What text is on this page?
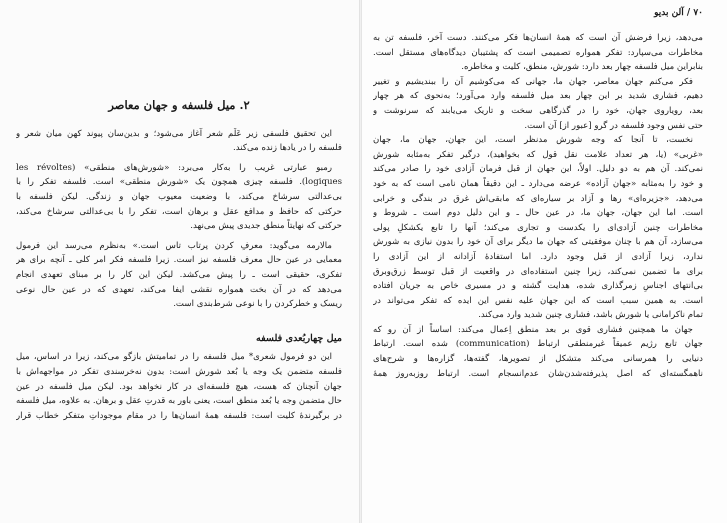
۲. میل فلسفه و جهان معاصر
این تحقیق فلسفی زیر عَلَم شعر آغاز می‌شود؛ و بدین‌سان پیوند کهن میان شعر و
فلسفه را در یادها زنده می‌کند.
رمبو عبارتی غریب را به‌کار می‌برد: «شورش‌های منطقی» (les révoltes
logiques). فلسفه چیزی همچون یک «شورش منطقی» است. فلسفه تفکر را با
بی‌عدالتی سرشاخ می‌کند، با وضعیت معیوب جهان و زندگی. لیکن فلسفه با
حرکتی که حافظ و مدافع عقل و برهان است، تفکر را با بی‌عدالتی سرشاخ می‌کند،
حرکتی که نهایتاً منطق جدیدی پیش می‌نهد.
مالارمه می‌گوید: معرفِ کردن پرتاب تاس است.» به‌نظرم می‌رسد این فرمول
معمایی در عین حال معرف فلسفه نیز است. زیرا فلسفه فکر امر کلی ـ آنچه برای هر
تفکری، حقیقی است ـ را پیش می‌کشد. لیکن این کار را بر مبنای تعهدی انجام
می‌دهد که در آن بخت همواره نقشی ایفا می‌کند، تعهدی که در عین حال نوعی
ریسک و خطرکردن را با نوعی شرط‌بندی است.
میل چهاربُعدی فلسفه
این دو فرمول شعری* میل فلسفه را در تمامیتش بازگو می‌کند، زیرا در اساس، میل
فلسفه متضمن یک وجه یا بُعد شورش است: بدون نه‌خرسندی تفکر در مواجهه‌اش با
جهان آنچنان که هست، هیچ فلسفه‌ای در کار نخواهد بود. لیکن میل فلسفه در عین
حال متضمن وجه یا بُعد منطق است، یعنی باور به قدرتِ عقل و برهان. به علاوه، میل فلسفه
در برگیرندهٔ کلیت است: فلسفه همهٔ انسان‌ها را در مقام موجوداتِ متفکر خطاب قرار
۷۰ / آلن بدیو
می‌دهد، زیرا فرضش آن است که همهٔ انسان‌ها فکر می‌کنند. دست آخر، فلسفه تن به
مخاطرات می‌سپارد: تفکر همواره تصمیمی است که پشتیبان دیدگاه‌های مستقل است.
بنابراین میل فلسفه چهار بعد دارد: شورش، منطق، کلیت و مخاطره.
فکر می‌کنم جهان معاصر، جهان ما، جهانی که می‌کوشیم آن را ببندیشیم و تغییر
دهیم، فشاری شدید بر این چهار بعد میل فلسفه وارد می‌آورد؛ به‌نحوی که هر چهار
بعد، رویاروی جهان، خود را در گذرگاهی سخت و تاریک می‌یابند که سرنوشت و
حتی نفس وجود فلسفه در گرو [عبور از] آن است.
نخست، تا آنجا که وجه شورش مدنظر است، این جهان، جهان ما، جهان
«غربی» (یا، هر تعداد علامت نقل قول که بخواهید)، درگیر تفکر به‌مثابه شورش
نمی‌کند. آن هم به دو دلیل. اولاً، این جهان از قبل فرمان آزادی خود را صادر می‌کند
و خود را به‌مثابه «جهان آزاده» عرضه می‌دارد ـ این دقیقاً همان نامی است که به خود
می‌دهد، «جزیره‌ای» رها و آزاد بر سیاره‌ای که مابقی‌اش غرق در بندگی و خرابی
است. اما این جهان، جهان ما، در عین حال ـ و این دلیل دوم است ـ شروط و
مخاطرات چنین آزادی‌ای را یکدست و تجاری می‌کند؛ آنها را تابع یکشکلِ پولی
می‌سازد، آن هم با چنان موفقیتی که جهان ما دیگر برای آن خود را بدون نیازی به شورش
ندارد، زیرا آزادی از قبل وجود دارد. اما استفادهٔ آزادانه از این آزادی را
برای ما تضمین نمی‌کند، زیرا چنین استفاده‌ای در واقعیت از قبل توسط زرق‌وبرق
بی‌انتهای اجناسِ زمرگذاری شده، هدایت گشته و در مسیری خاص به جریان افتاده
است. به همین سبب است که این جهان علیه نفس این ایده که تفکر می‌تواند در
تمام ناکرامانی یا شورش باشد، فشاری چنین شدید وارد می‌کند.
جهان ما همچنین فشاری قوی بر بعد منطق اِعمال می‌کند: اساساً از آن رو که
جهان تابع رژیم عمیقاً غیرمنطقی ارتباط (communication) شده است. ارتباط
دنیایی را همرسانی می‌کند متشکل از تصویرها، گفته‌ها، گزاره‌ها و شرح‌های
ناهمگسته‌ای که اصل پذیرفته‌شدن‌شان عدم‌انسجام است. ارتباط روزبه‌روز همهٔ
